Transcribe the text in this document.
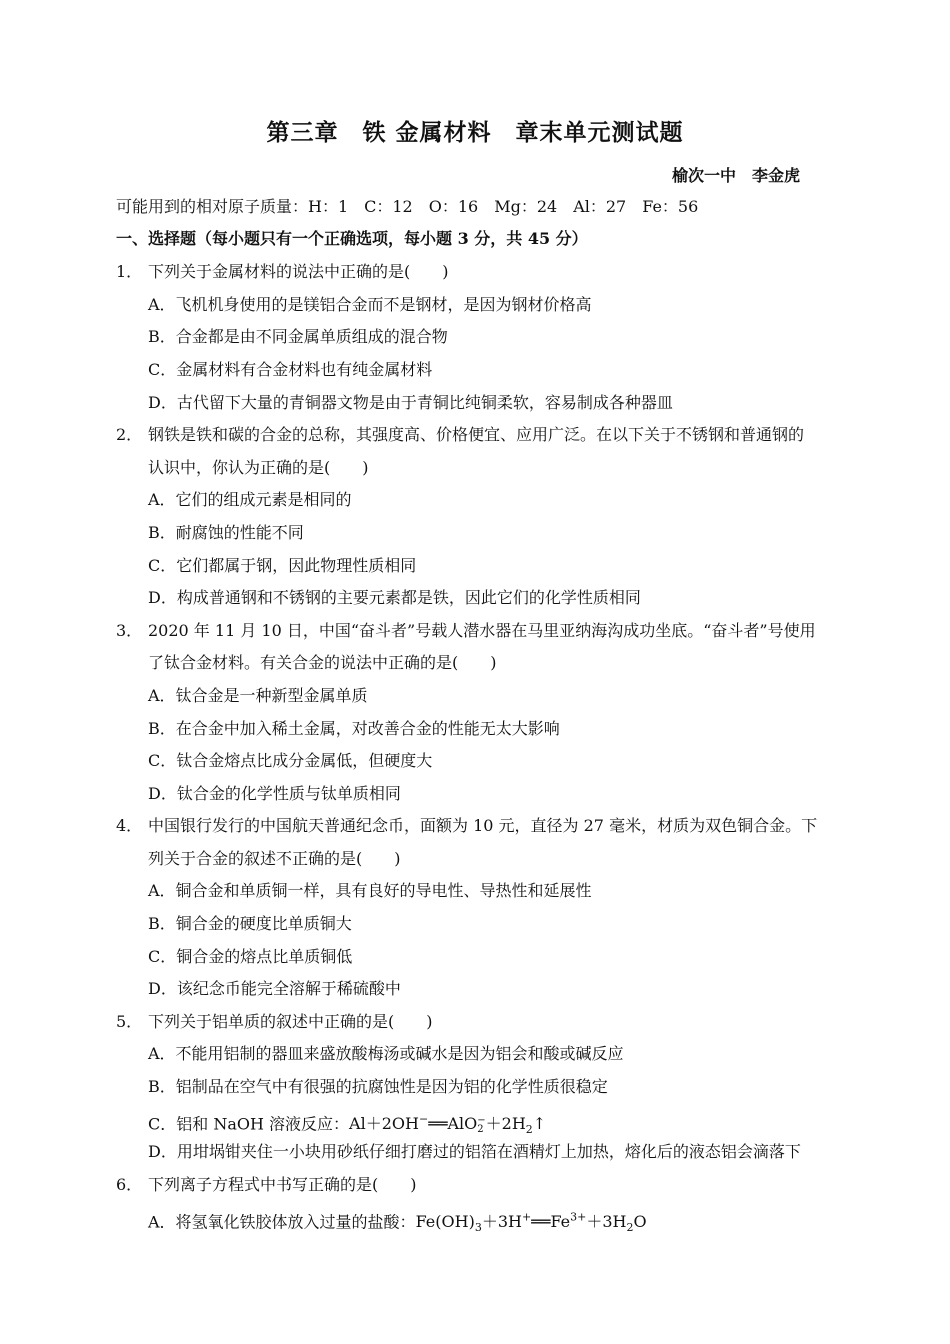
第三章　铁 金属材料　章末单元测试题
榆次一中　李金虎
可能用到的相对原子质量：H：1　C：12　O：16　Mg：24　Al：27　Fe：56
一、选择题（每小题只有一个正确选项，每小题 3 分，共 45 分）
1． 下列关于金属材料的说法中正确的是(　　)
A．飞机机身使用的是镁铝合金而不是钢材，是因为钢材价格高
B．合金都是由不同金属单质组成的混合物
C．金属材料有合金材料也有纯金属材料
D．古代留下大量的青铜器文物是由于青铜比纯铜柔软，容易制成各种器皿
2． 钢铁是铁和碳的合金的总称，其强度高、价格便宜、应用广泛。在以下关于不锈钢和普通钢的
认识中，你认为正确的是(　　)
A．它们的组成元素是相同的
B．耐腐蚀的性能不同
C．它们都属于钢，因此物理性质相同
D．构成普通钢和不锈钢的主要元素都是铁，因此它们的化学性质相同
3． 2020 年 11 月 10 日，中国“奋斗者”号载人潜水器在马里亚纳海沟成功坐底。“奋斗者”号使用
了钛合金材料。有关合金的说法中正确的是(　　)
A．钛合金是一种新型金属单质
B．在合金中加入稀土金属，对改善合金的性能无太大影响
C．钛合金熔点比成分金属低，但硬度大
D．钛合金的化学性质与钛单质相同
4． 中国银行发行的中国航天普通纪念币，面额为 10 元，直径为 27 毫米，材质为双色铜合金。下
列关于合金的叙述不正确的是(　　)
A．铜合金和单质铜一样，具有良好的导电性、导热性和延展性
B．铜合金的硬度比单质铜大
C．铜合金的熔点比单质铜低
D．该纪念币能完全溶解于稀硫酸中
5． 下列关于铝单质的叙述中正确的是(　　)
A．不能用铝制的器皿来盛放酸梅汤或碱水是因为铝会和酸或碱反应
B．铝制品在空气中有很强的抗腐蚀性是因为铝的化学性质很稳定
C．铝和 NaOH 溶液反应：Al＋2OH−══AlO −
$2 +2H_2↑$
D．用坩埚钳夹住一小块用砂纸仔细打磨过的铝箔在酒精灯上加热，熔化后的液态铝会滴落下
6． 下列离子方程式中书写正确的是(　　)
A．将氢氧化铁胶体放入过量的盐酸：$Fe(OH)_3+3H^+══Fe^{3+}+3H_2O$
